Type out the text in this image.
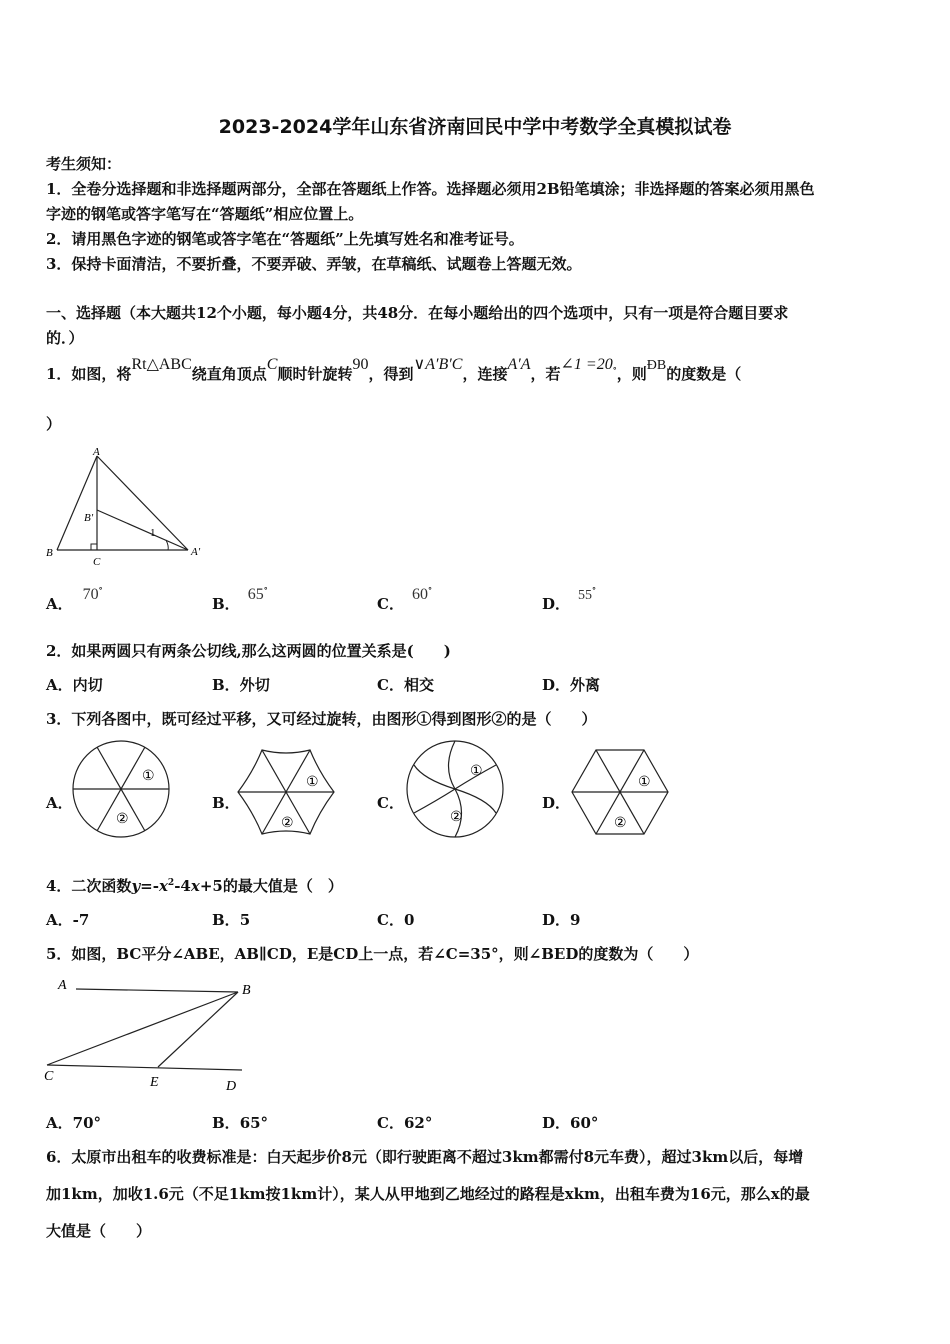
2023-2024学年山东省济南回民中学中考数学全真模拟试卷
考生须知：
1．全卷分选择题和非选择题两部分，全部在答题纸上作答。选择题必须用2B铅笔填涂；非选择题的答案必须用黑色
字迹的钢笔或答字笔写在“答题纸”相应位置上。
2．请用黑色字迹的钢笔或答字笔在“答题纸”上先填写姓名和准考证号。
3．保持卡面清洁，不要折叠，不要弄破、弄皱，在草稿纸、试题卷上答题无效。
一、选择题（本大题共12个小题，每小题4分，共48分．在每小题给出的四个选项中，只有一项是符合题目要求
的．）
1．如图，将Rt△ABC绕直角顶点C顺时针旋转90，得到∨A′B′C，连接A′A，若∠1 =20°，则ÐB的度数是（
）
A
B
C
B′
A′
1
A．70°
B．65°
C．60°
D． 55°
2．如果两圆只有两条公切线,那么这两圆的位置关系是(　　)
A．内切	B．外切	C．相交	D．外离
3．下列各图中，既可经过平移，又可经过旋转，由图形①得到图形②的是（　　）
A．
①
②
B．
①
②
C．
①
②
D．
①
②
4．二次函数$y=-x^2-4x+5$的最大值是（　）
A．-7	B．5	C．0	D．9
5．如图，BC平分∠ABE，AB∥CD，E是CD上一点，若∠C=35°，则∠BED的度数为（　　）
A	B
C	E	D
A．70°	B．65°	C．62°	D．60°
6．太原市出租车的收费标准是：白天起步价8元（即行驶距离不超过3km都需付8元车费），超过3km以后，每增
加1km，加收1.6元（不足1km按1km计），某人从甲地到乙地经过的路程是xkm，出租车费为16元，那么x的最
大值是（　　）
